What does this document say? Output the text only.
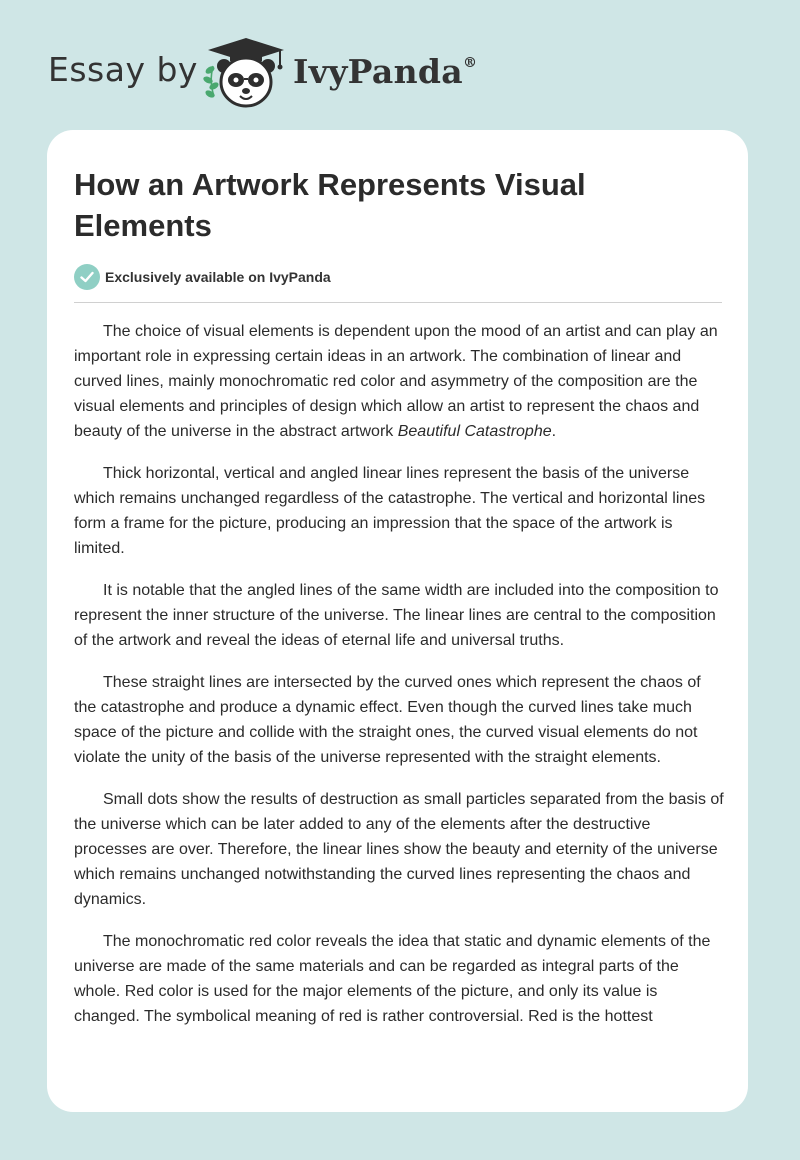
Essay by	IvyPanda®
How an Artwork Represents Visual Elements
Exclusively available on IvyPanda

The choice of visual elements is dependent upon the mood of an artist and can play an important role in expressing certain ideas in an artwork. The combination of linear and curved lines, mainly monochromatic red color and asymmetry of the composition are the visual elements and principles of design which allow an artist to represent the chaos and beauty of the universe in the abstract artwork Beautiful Catastrophe.

Thick horizontal, vertical and angled linear lines represent the basis of the universe which remains unchanged regardless of the catastrophe. The vertical and horizontal lines form a frame for the picture, producing an impression that the space of the artwork is limited.

It is notable that the angled lines of the same width are included into the composition to represent the inner structure of the universe. The linear lines are central to the composition of the artwork and reveal the ideas of eternal life and universal truths.

These straight lines are intersected by the curved ones which represent the chaos of the catastrophe and produce a dynamic effect. Even though the curved lines take much space of the picture and collide with the straight ones, the curved visual elements do not violate the unity of the basis of the universe represented with the straight elements.

Small dots show the results of destruction as small particles separated from the basis of the universe which can be later added to any of the elements after the destructive processes are over. Therefore, the linear lines show the beauty and eternity of the universe which remains unchanged notwithstanding the curved lines representing the chaos and dynamics.

The monochromatic red color reveals the idea that static and dynamic elements of the universe are made of the same materials and can be regarded as integral parts of the whole. Red color is used for the major elements of the picture, and only its value is changed. The symbolical meaning of red is rather controversial. Red is the hottest
